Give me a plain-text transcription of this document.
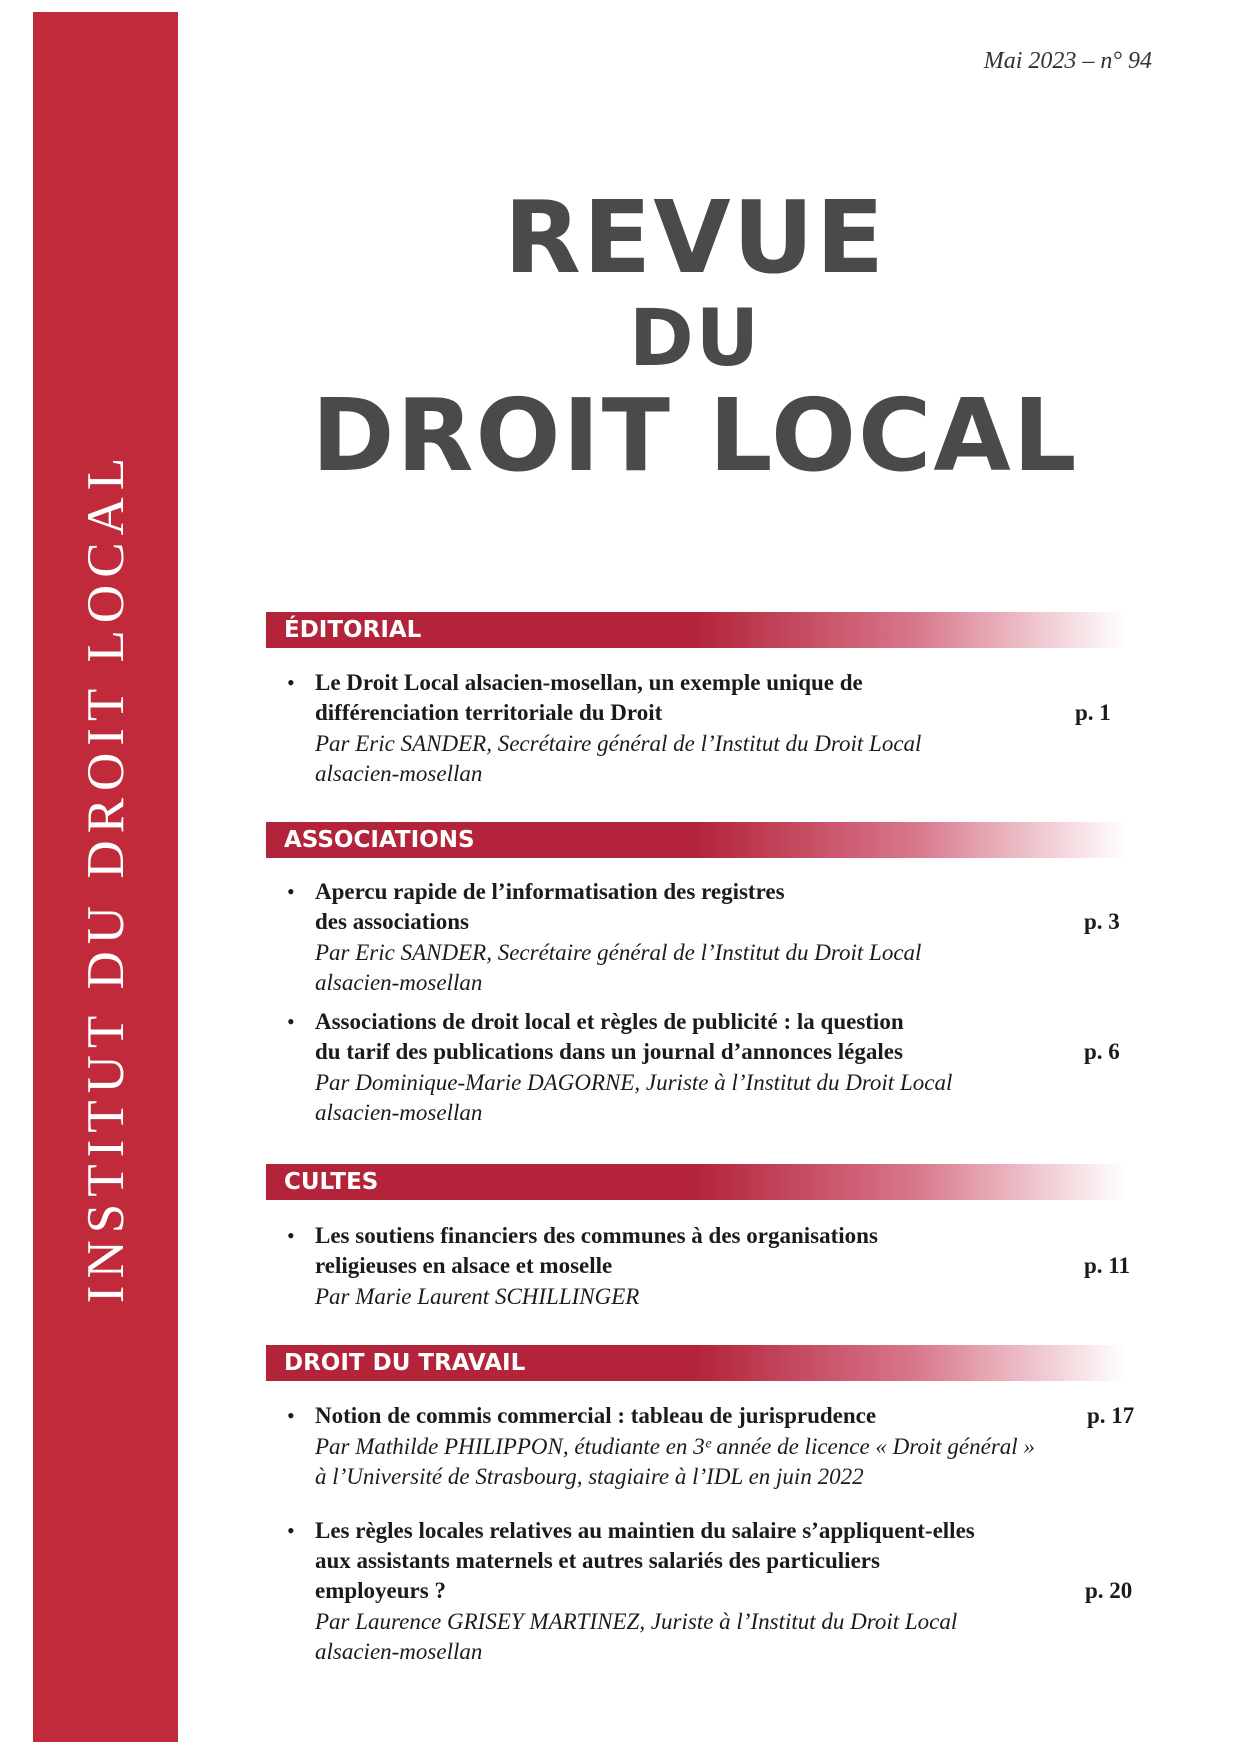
INSTITUT DU DROIT LOCAL
Mai 2023 – n° 94
REVUE
DU
DROIT LOCAL
ÉDITORIAL
• Le Droit Local alsacien-mosellan, un exemple unique de
différenciation territoriale du Droit	p. 1
Par Eric SANDER, Secrétaire général de l’Institut du Droit Local
alsacien-mosellan
ASSOCIATIONS
• Apercu rapide de l’informatisation des registres
des associations	p. 3
Par Eric SANDER, Secrétaire général de l’Institut du Droit Local
alsacien-mosellan
• Associations de droit local et règles de publicité : la question
du tarif des publications dans un journal d’annonces légales	p. 6
Par Dominique-Marie DAGORNE, Juriste à l’Institut du Droit Local
alsacien-mosellan
CULTES
• Les soutiens financiers des communes à des organisations
religieuses en alsace et moselle	p. 11
Par Marie Laurent SCHILLINGER
DROIT DU TRAVAIL
• Notion de commis commercial : tableau de jurisprudence	p. 17
Par Mathilde PHILIPPON, étudiante en 3ᵉ année de licence « Droit général »
à l’Université de Strasbourg, stagiaire à l’IDL en juin 2022
• Les règles locales relatives au maintien du salaire s’appliquent-elles
aux assistants maternels et autres salariés des particuliers
employeurs ?	p. 20
Par Laurence GRISEY MARTINEZ, Juriste à l’Institut du Droit Local
alsacien-mosellan
